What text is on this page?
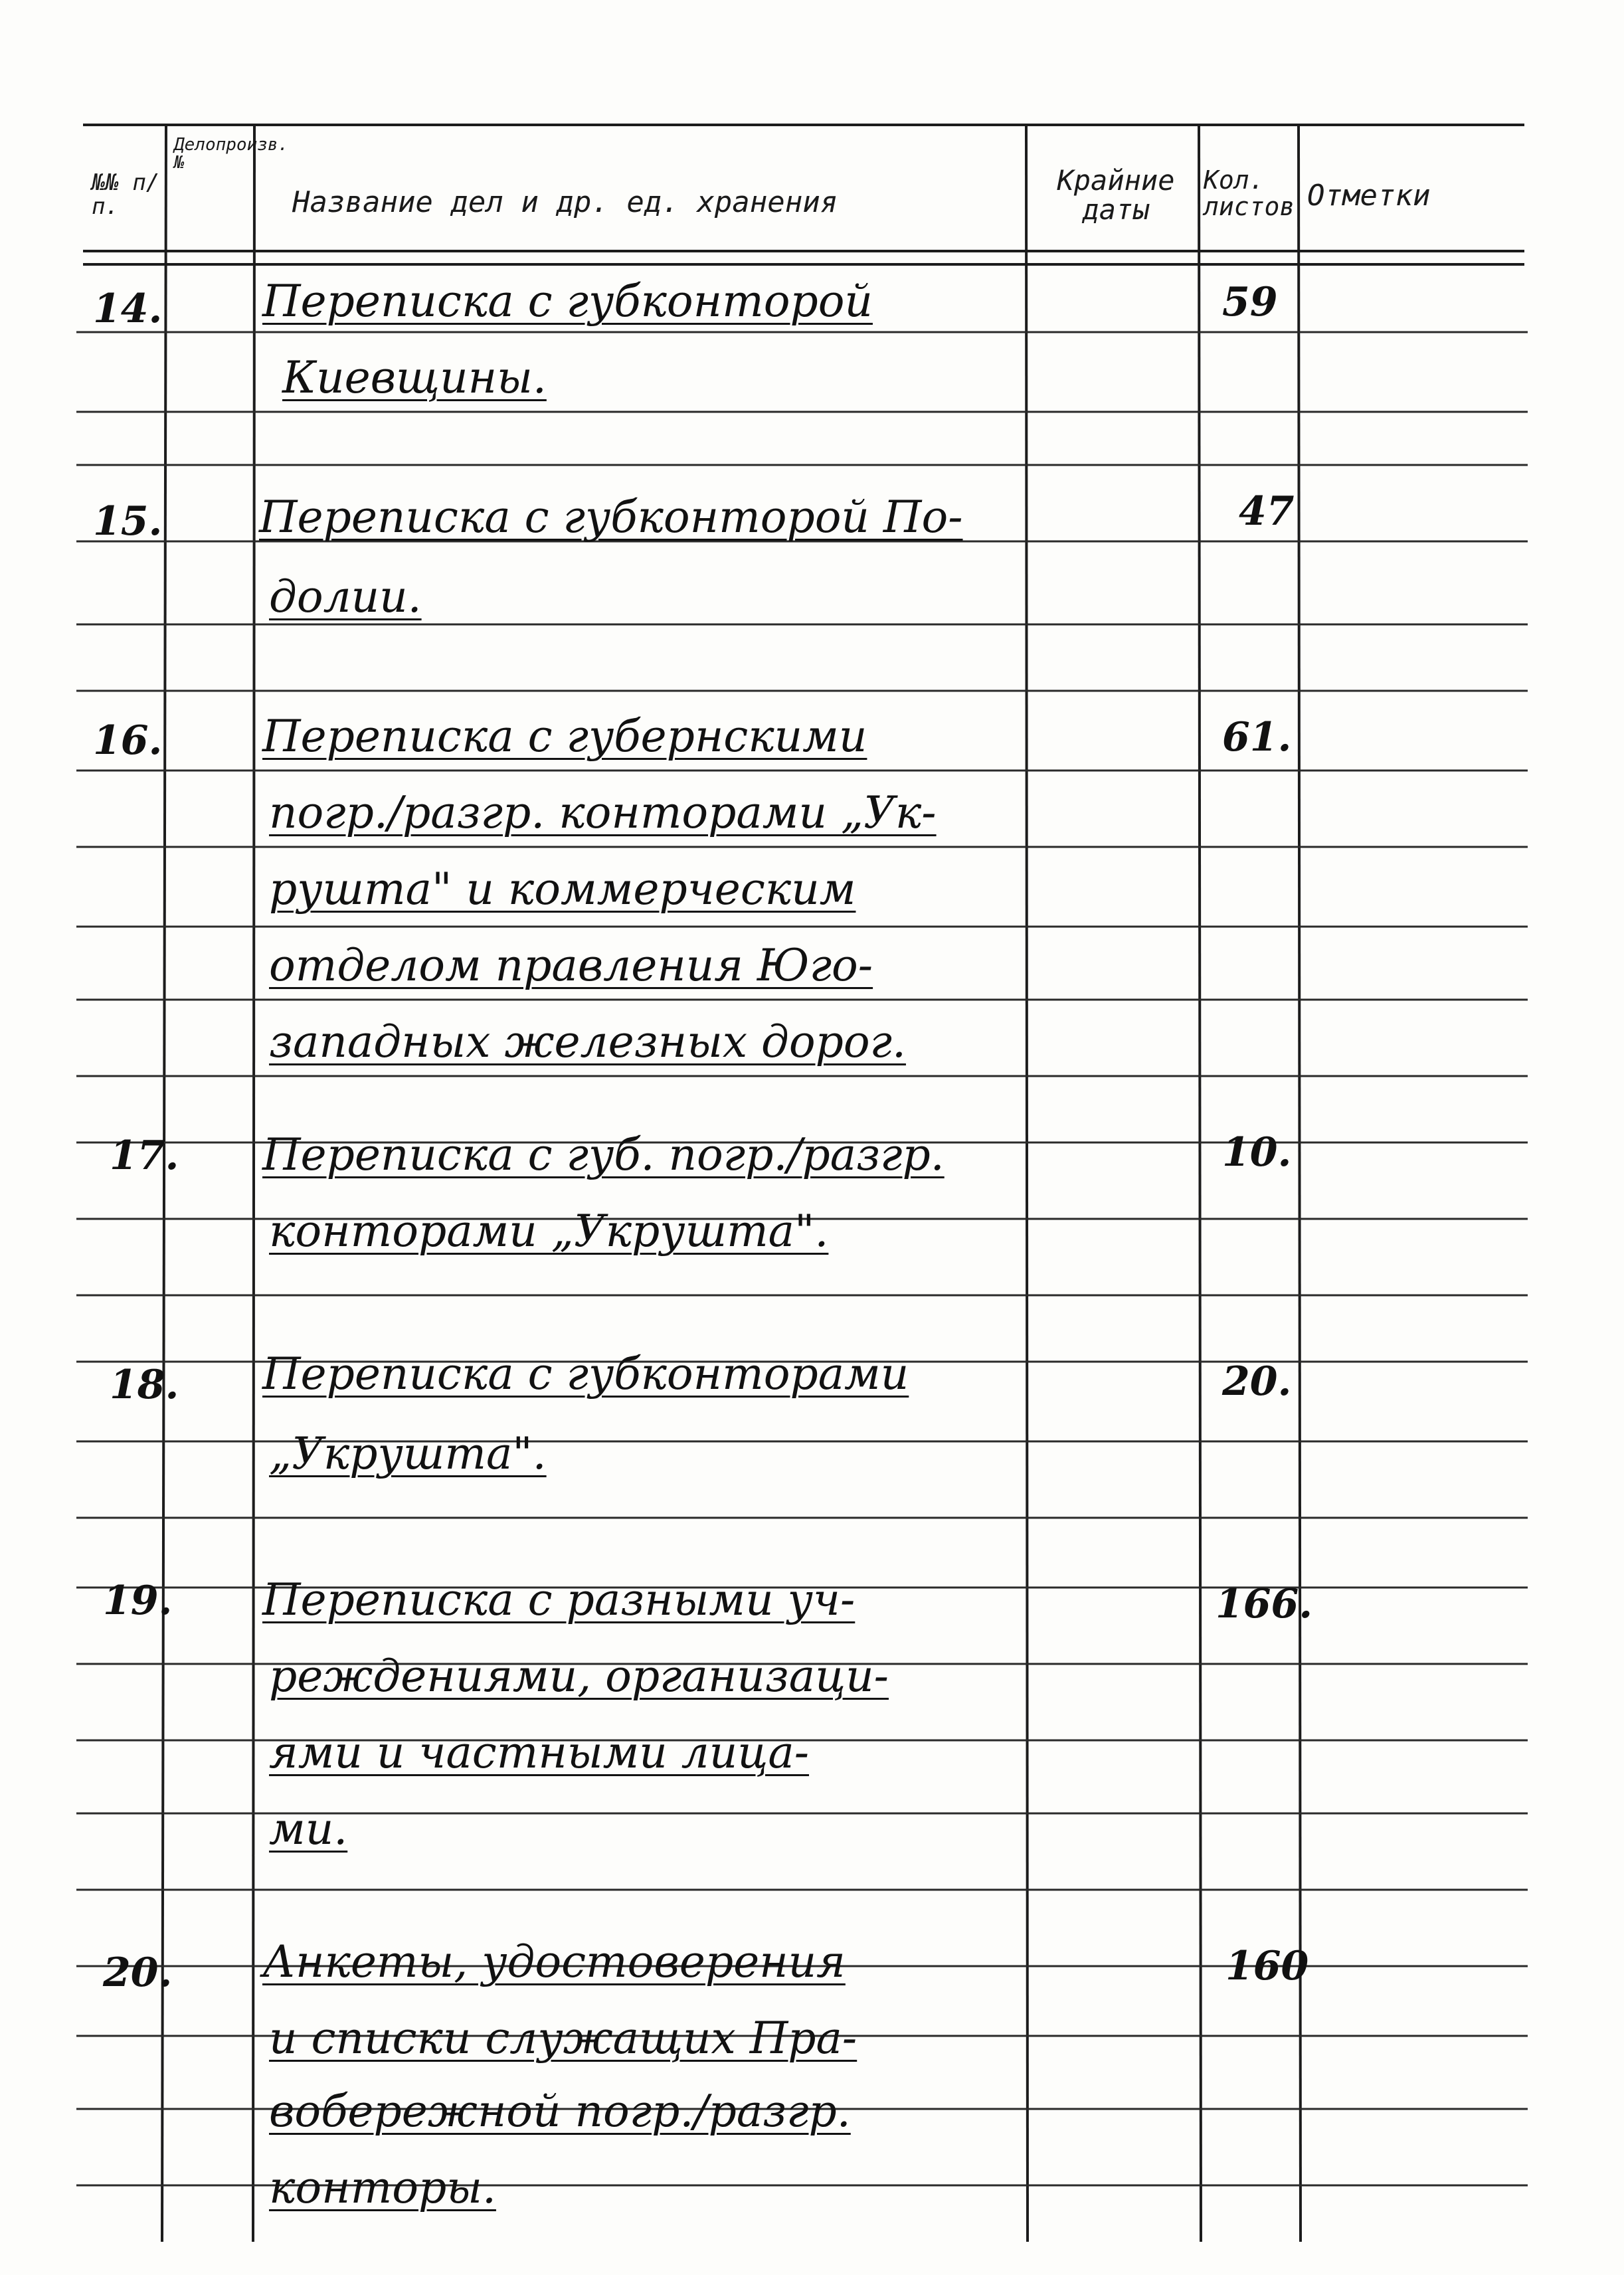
№№ п/п.
Делопроизв. №
Название дел и др. ед. хранения
Крайние даты
Кол. листов Отметки
14. Переписка с губконторой
Киевщины.
59
15. Переписка с губконторой По-
долии.
47
16. Переписка с губернскими
погр./разгр. конторами „Ук-
рушта" и коммерческим
отделом правления Юго-
западных железных дорог.
61.
17. Переписка с губ. погр./разгр.
конторами „Укрушта".
10.
18. Переписка с губконторами
„Укрушта".
20.
19. Переписка с разными уч-
реждениями, организаци-
ями и частными лица-
ми.
166.
20. Анкеты, удостоверения
и списки служащих Пра-
вобережной погр./разгр.
конторы.
160
